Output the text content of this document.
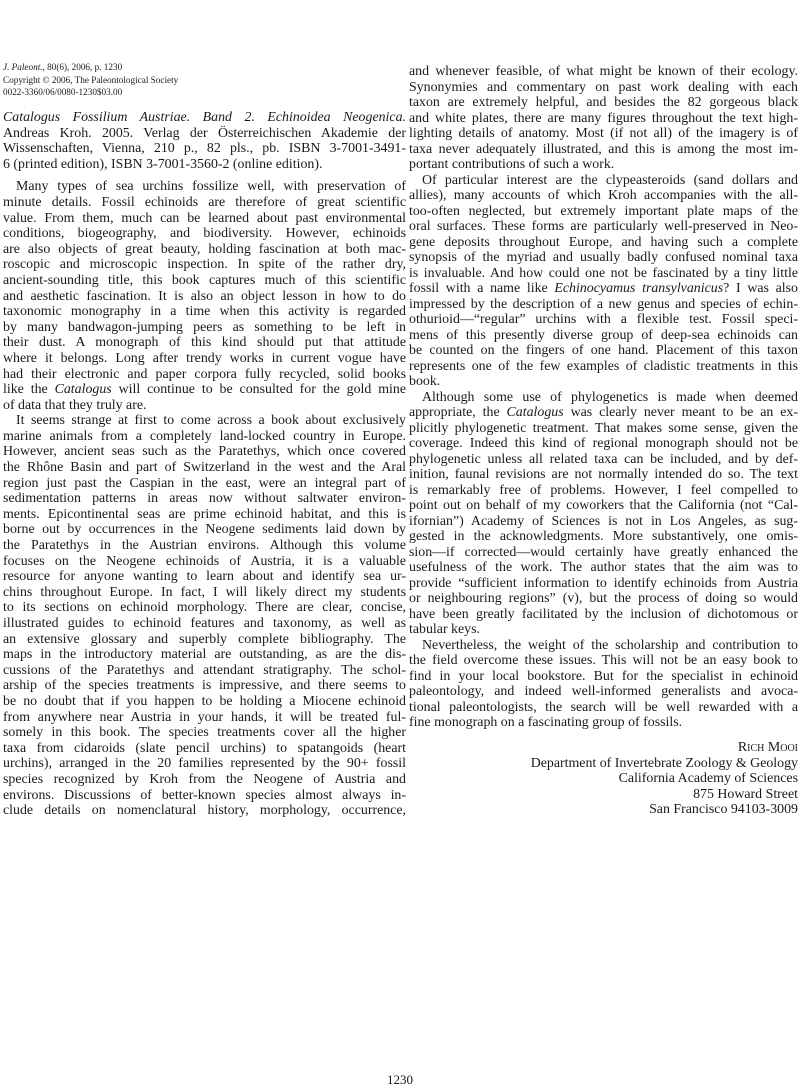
J. Paleont., 80(6), 2006, p. 1230
Copyright © 2006, The Paleontological Society
0022-3360/06/0080-1230$03.00
Catalogus Fossilium Austriae. Band 2. Echinoidea Neogenica.
Andreas Kroh. 2005. Verlag der Österreichischen Akademie der
Wissenschaften, Vienna, 210 p., 82 pls., pb. ISBN 3-7001-3491-
6 (printed edition), ISBN 3-7001-3560-2 (online edition).
Many types of sea urchins fossilize well, with preservation of
minute details. Fossil echinoids are therefore of great scientific
value. From them, much can be learned about past environmental
conditions, biogeography, and biodiversity. However, echinoids
are also objects of great beauty, holding fascination at both mac-
roscopic and microscopic inspection. In spite of the rather dry,
ancient-sounding title, this book captures much of this scientific
and aesthetic fascination. It is also an object lesson in how to do
taxonomic monography in a time when this activity is regarded
by many bandwagon-jumping peers as something to be left in
their dust. A monograph of this kind should put that attitude
where it belongs. Long after trendy works in current vogue have
had their electronic and paper corpora fully recycled, solid books
like the Catalogus will continue to be consulted for the gold mine
of data that they truly are.
It seems strange at first to come across a book about exclusively
marine animals from a completely land-locked country in Europe.
However, ancient seas such as the Paratethys, which once covered
the Rhône Basin and part of Switzerland in the west and the Aral
region just past the Caspian in the east, were an integral part of
sedimentation patterns in areas now without saltwater environ-
ments. Epicontinental seas are prime echinoid habitat, and this is
borne out by occurrences in the Neogene sediments laid down by
the Paratethys in the Austrian environs. Although this volume
focuses on the Neogene echinoids of Austria, it is a valuable
resource for anyone wanting to learn about and identify sea ur-
chins throughout Europe. In fact, I will likely direct my students
to its sections on echinoid morphology. There are clear, concise,
illustrated guides to echinoid features and taxonomy, as well as
an extensive glossary and superbly complete bibliography. The
maps in the introductory material are outstanding, as are the dis-
cussions of the Paratethys and attendant stratigraphy. The schol-
arship of the species treatments is impressive, and there seems to
be no doubt that if you happen to be holding a Miocene echinoid
from anywhere near Austria in your hands, it will be treated ful-
somely in this book. The species treatments cover all the higher
taxa from cidaroids (slate pencil urchins) to spatangoids (heart
urchins), arranged in the 20 families represented by the 90+ fossil
species recognized by Kroh from the Neogene of Austria and
environs. Discussions of better-known species almost always in-
clude details on nomenclatural history, morphology, occurrence,
and whenever feasible, of what might be known of their ecology.
Synonymies and commentary on past work dealing with each
taxon are extremely helpful, and besides the 82 gorgeous black
and white plates, there are many figures throughout the text high-
lighting details of anatomy. Most (if not all) of the imagery is of
taxa never adequately illustrated, and this is among the most im-
portant contributions of such a work.
Of particular interest are the clypeasteroids (sand dollars and
allies), many accounts of which Kroh accompanies with the all-
too-often neglected, but extremely important plate maps of the
oral surfaces. These forms are particularly well-preserved in Neo-
gene deposits throughout Europe, and having such a complete
synopsis of the myriad and usually badly confused nominal taxa
is invaluable. And how could one not be fascinated by a tiny little
fossil with a name like Echinocyamus transylvanicus? I was also
impressed by the description of a new genus and species of echin-
othurioid—“regular” urchins with a flexible test. Fossil speci-
mens of this presently diverse group of deep-sea echinoids can
be counted on the fingers of one hand. Placement of this taxon
represents one of the few examples of cladistic treatments in this
book.
Although some use of phylogenetics is made when deemed
appropriate, the Catalogus was clearly never meant to be an ex-
plicitly phylogenetic treatment. That makes some sense, given the
coverage. Indeed this kind of regional monograph should not be
phylogenetic unless all related taxa can be included, and by def-
inition, faunal revisions are not normally intended do so. The text
is remarkably free of problems. However, I feel compelled to
point out on behalf of my coworkers that the California (not “Cal-
ifornian”) Academy of Sciences is not in Los Angeles, as sug-
gested in the acknowledgments. More substantively, one omis-
sion—if corrected—would certainly have greatly enhanced the
usefulness of the work. The author states that the aim was to
provide “sufficient information to identify echinoids from Austria
or neighbouring regions” (v), but the process of doing so would
have been greatly facilitated by the inclusion of dichotomous or
tabular keys.
Nevertheless, the weight of the scholarship and contribution to
the field overcome these issues. This will not be an easy book to
find in your local bookstore. But for the specialist in echinoid
paleontology, and indeed well-informed generalists and avoca-
tional paleontologists, the search will be well rewarded with a
fine monograph on a fascinating group of fossils.
Rich Mooi
Department of Invertebrate Zoology & Geology
California Academy of Sciences
875 Howard Street
San Francisco 94103-3009
1230
